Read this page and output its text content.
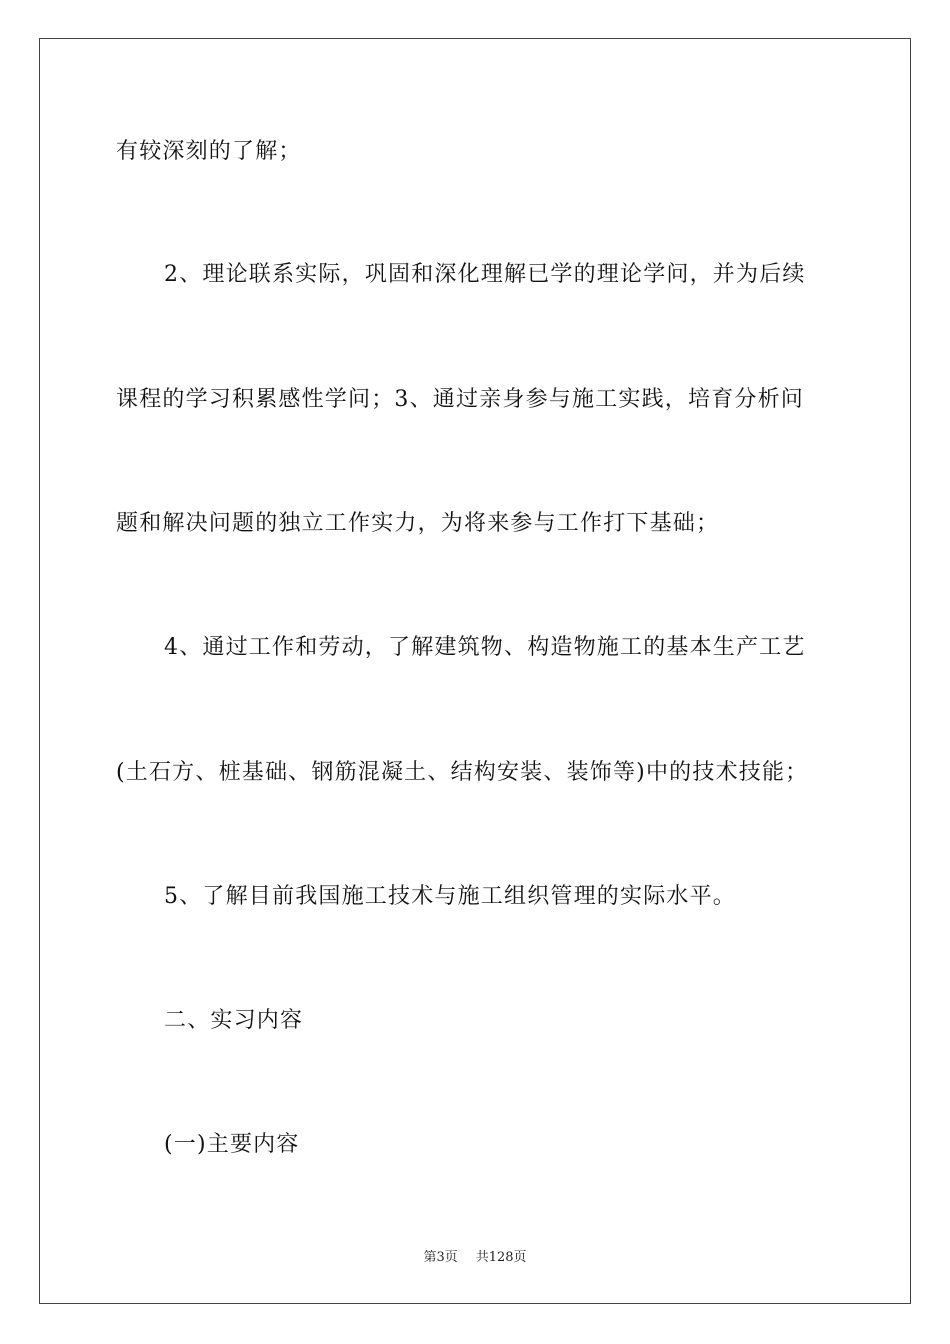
有较深刻的了解；
2、理论联系实际，巩固和深化理解已学的理论学问，并为后续
课程的学习积累感性学问；3、通过亲身参与施工实践，培育分析问
题和解决问题的独立工作实力，为将来参与工作打下基础；
4、通过工作和劳动，了解建筑物、构造物施工的基本生产工艺
(土石方、桩基础、钢筋混凝土、结构安装、装饰等)中的技术技能；
5、了解目前我国施工技术与施工组织管理的实际水平。
二、实习内容
(一)主要内容
第3页 共128页
